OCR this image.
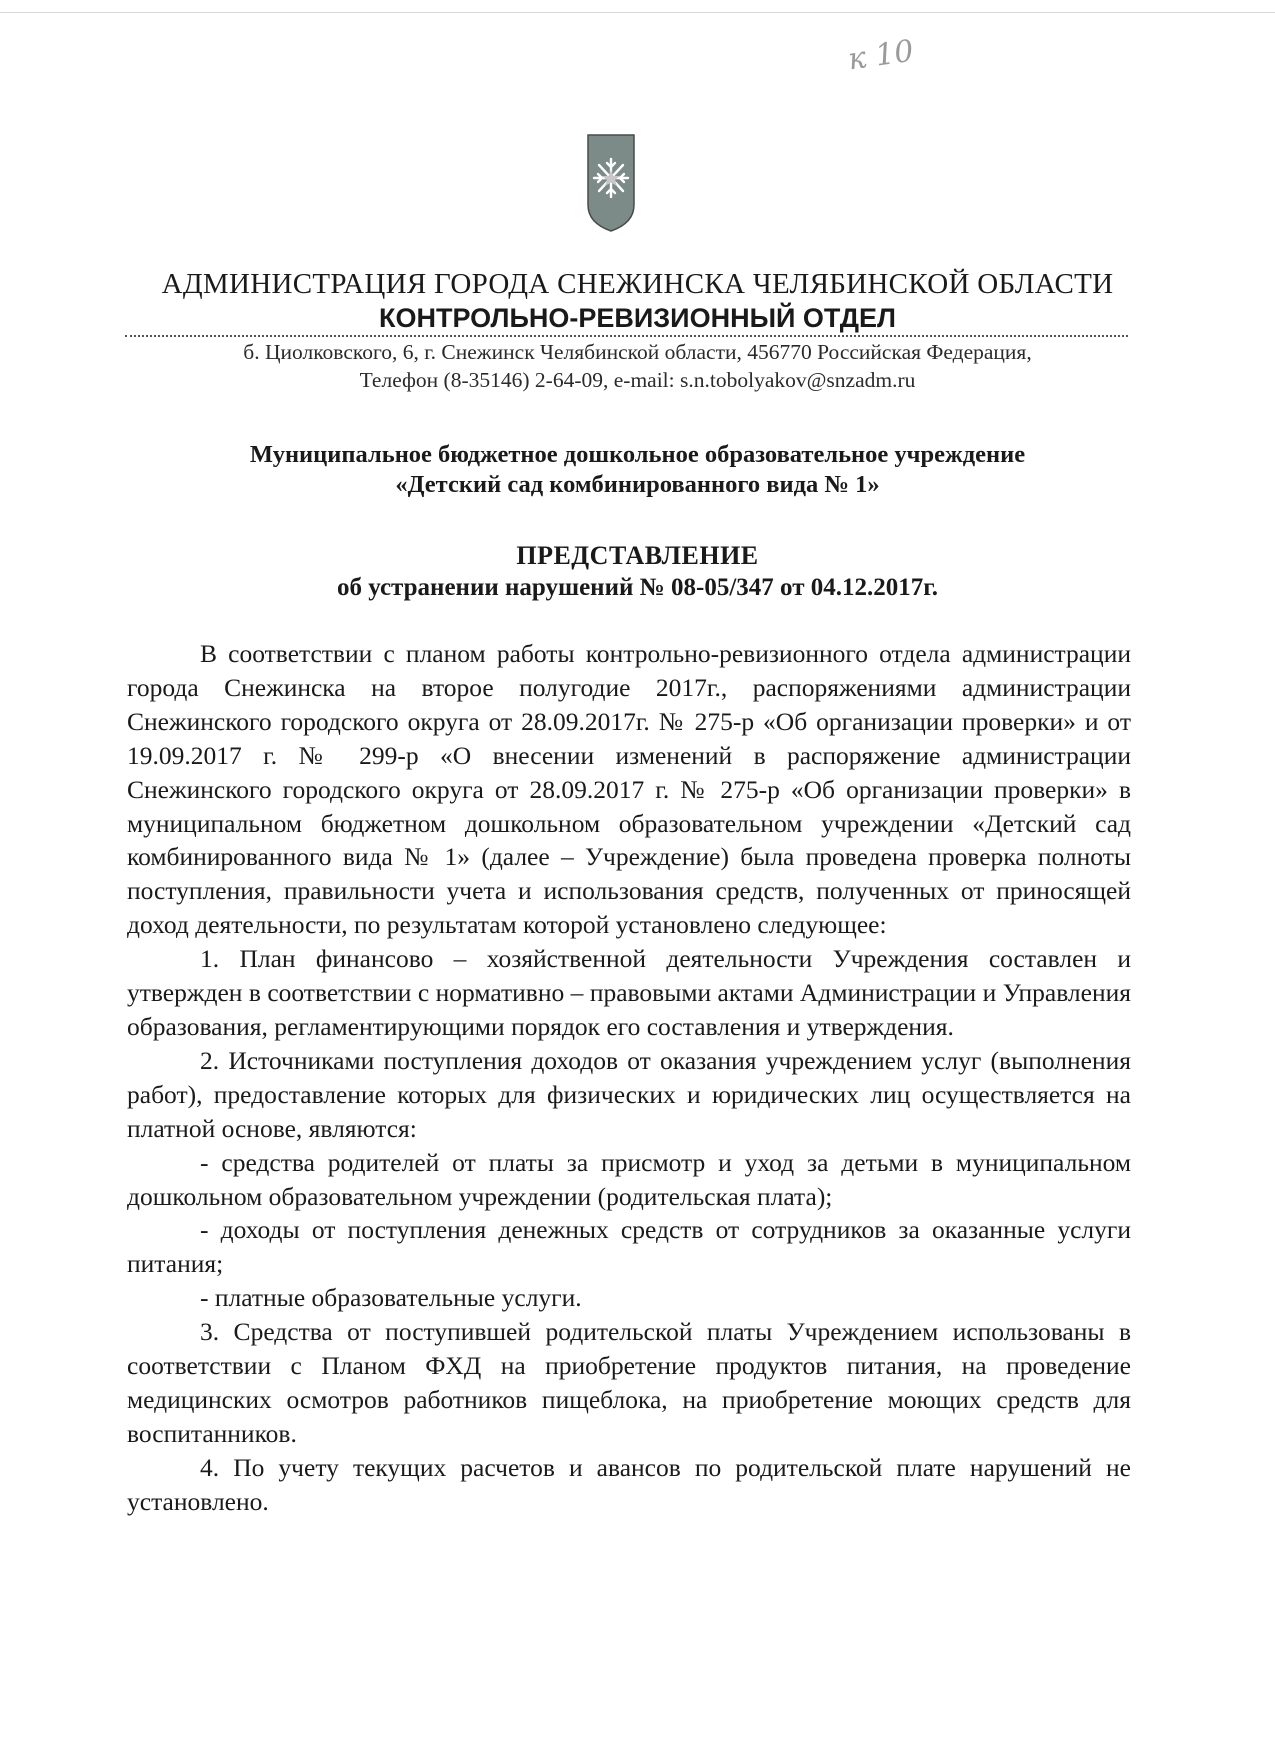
к 10
АДМИНИСТРАЦИЯ ГОРОДА СНЕЖИНСКА ЧЕЛЯБИНСКОЙ ОБЛАСТИ
КОНТРОЛЬНО-РЕВИЗИОННЫЙ ОТДЕЛ
б. Циолковского, 6, г. Снежинск Челябинской области, 456770 Российская Федерация,
Телефон (8-35146) 2-64-09, e-mail: s.n.tobolyakov@snzadm.ru
Муниципальное бюджетное дошкольное образовательное учреждение
«Детский сад комбинированного вида № 1»
ПРЕДСТАВЛЕНИЕ
об устранении нарушений № 08-05/347 от 04.12.2017г.

В соответствии с планом работы контрольно-ревизионного отдела администрации города Снежинска на второе полугодие 2017г., распоряжениями администрации Снежинского городского округа от 28.09.2017г. № 275-р «Об организации проверки» и от 19.09.2017 г. № 299-р «О внесении изменений в распоряжение администрации Снежинского городского округа от 28.09.2017 г. № 275-р «Об организации проверки» в муниципальном бюджетном дошкольном образовательном учреждении «Детский сад комбинированного вида № 1» (далее – Учреждение) была проведена проверка полноты поступления, правильности учета и использования средств, полученных от приносящей доход деятельности, по результатам которой установлено следующее:

1. План финансово – хозяйственной деятельности Учреждения составлен и утвержден в соответствии с нормативно – правовыми актами Администрации и Управления образования, регламентирующими порядок его составления и утверждения.

2. Источниками поступления доходов от оказания учреждением услуг (выполнения работ), предоставление которых для физических и юридических лиц осуществляется на платной основе, являются:

- средства родителей от платы за присмотр и уход за детьми в муниципальном дошкольном образовательном учреждении (родительская плата);

- доходы от поступления денежных средств от сотрудников за оказанные услуги питания;

- платные образовательные услуги.

3. Средства от поступившей родительской платы Учреждением использованы в соответствии с Планом ФХД на приобретение продуктов питания, на проведение медицинских осмотров работников пищеблока, на приобретение моющих средств для воспитанников.

4. По учету текущих расчетов и авансов по родительской плате нарушений не установлено.
